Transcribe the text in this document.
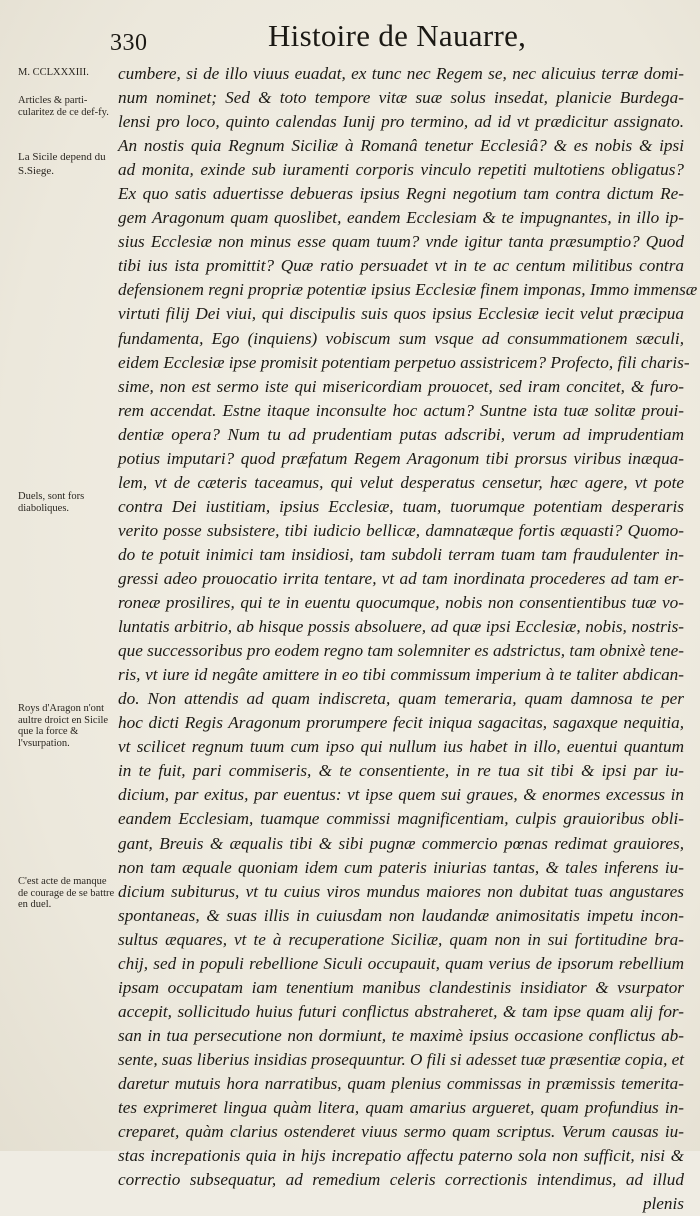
330	Histoire de Nauarre,
M. CCLXXXIII.
Articles & parti-cularitez de ce def-fy.
La Sicile depend du S.Siege.
Duels, sont fors diaboliques.
Roys d'Aragon n'ont aultre droict en Sicile que la force & l'vsurpation.
C'est acte de manque de courage de se battre en duel.
cumbere, si de illo viuus euadat, ex tunc nec Regem se, nec alicuius terræ domi-
num nominet; Sed & toto tempore vitæ suæ solus insedat, planicie Burdega-
lensi pro loco, quinto calendas Iunij pro termino, ad id vt prædicitur assignato.
An nostis quia Regnum Siciliæ à Romanâ tenetur Ecclesiâ? & es nobis & ipsi
ad monita, exinde sub iuramenti corporis vinculo repetiti multotiens obligatus?
Ex quo satis aduertisse debueras ipsius Regni negotium tam contra dictum Re-
gem Aragonum quam quoslibet, eandem Ecclesiam & te impugnantes, in illo ip-
sius Ecclesiæ non minus esse quam tuum? vnde igitur tanta præsumptio? Quod
tibi ius ista promittit? Quæ ratio persuadet vt in te ac centum militibus contra
defensionem regni propriæ potentiæ ipsius Ecclesiæ finem imponas, Immo immensæ
virtuti filij Dei viui, qui discipulis suis quos ipsius Ecclesiæ iecit velut præcipua
fundamenta, Ego (inquiens) vobiscum sum vsque ad consummationem sæculi,
eidem Ecclesiæ ipse promisit potentiam perpetuo assistricem? Profecto, fili charis-
sime, non est sermo iste qui misericordiam prouocet, sed iram concitet, & furo-
rem accendat. Estne itaque inconsulte hoc actum? Suntne ista tuæ solitæ proui-
dentiæ opera? Num tu ad prudentiam putas adscribi, verum ad imprudentiam
potius imputari? quod præfatum Regem Aragonum tibi prorsus viribus inæqua-
lem, vt de cæteris taceamus, qui velut desperatus censetur, hæc agere, vt pote
contra Dei iustitiam, ipsius Ecclesiæ, tuam, tuorumque potentiam desperaris
verito posse subsistere, tibi iudicio bellicæ, damnatæque fortis æquasti? Quomo-
do te potuit inimici tam insidiosi, tam subdoli terram tuam tam fraudulenter in-
gressi adeo prouocatio irrita tentare, vt ad tam inordinata procederes ad tam er-
roneæ prosilires, qui te in euentu quocumque, nobis non consentientibus tuæ vo-
luntatis arbitrio, ab hisque possis absoluere, ad quæ ipsi Ecclesiæ, nobis, nostris-
que successoribus pro eodem regno tam solemniter es adstrictus, tam obnixè tene-
ris, vt iure id negâte amittere in eo tibi commissum imperium à te taliter abdican-
do. Non attendis ad quam indiscreta, quam temeraria, quam damnosa te per
hoc dicti Regis Aragonum prorumpere fecit iniqua sagacitas, sagaxque nequitia,
vt scilicet regnum tuum cum ipso qui nullum ius habet in illo, euentui quantum
in te fuit, pari commiseris, & te consentiente, in re tua sit tibi & ipsi par iu-
dicium, par exitus, par euentus: vt ipse quem sui graues, & enormes excessus in
eandem Ecclesiam, tuamque commissi magnificentiam, culpis grauioribus obli-
gant, Breuis & æqualis tibi & sibi pugnæ commercio pœnas redimat grauiores,
non tam æquale quoniam idem cum pateris iniurias tantas, & tales inferens iu-
dicium subiturus, vt tu cuius viros mundus maiores non dubitat tuas angustares
spontaneas, & suas illis in cuiusdam non laudandæ animositatis impetu incon-
sultus æquares, vt te à recuperatione Siciliæ, quam non in sui fortitudine bra-
chij, sed in populi rebellione Siculi occupauit, quam verius de ipsorum rebellium
ipsam occupatam iam tenentium manibus clandestinis insidiator & vsurpator
accepit, sollicitudo huius futuri conflictus abstraheret, & tam ipse quam alij for-
san in tua persecutione non dormiunt, te maximè ipsius occasione conflictus ab-
sente, suas liberius insidias prosequuntur. O fili si adesset tuæ præsentiæ copia, et
daretur mutuis hora narratibus, quam plenius commissas in præmissis temerita-
tes exprimeret lingua quàm litera, quam amarius argueret, quam profundius in-
creparet, quàm clarius ostenderet viuus sermo quam scriptus. Verum causas iu-
stas increpationis quia in hijs increpatio affectu paterno sola non sufficit, nisi &
correctio subsequatur, ad remedium celeris correctionis intendimus, ad illud
plenis
